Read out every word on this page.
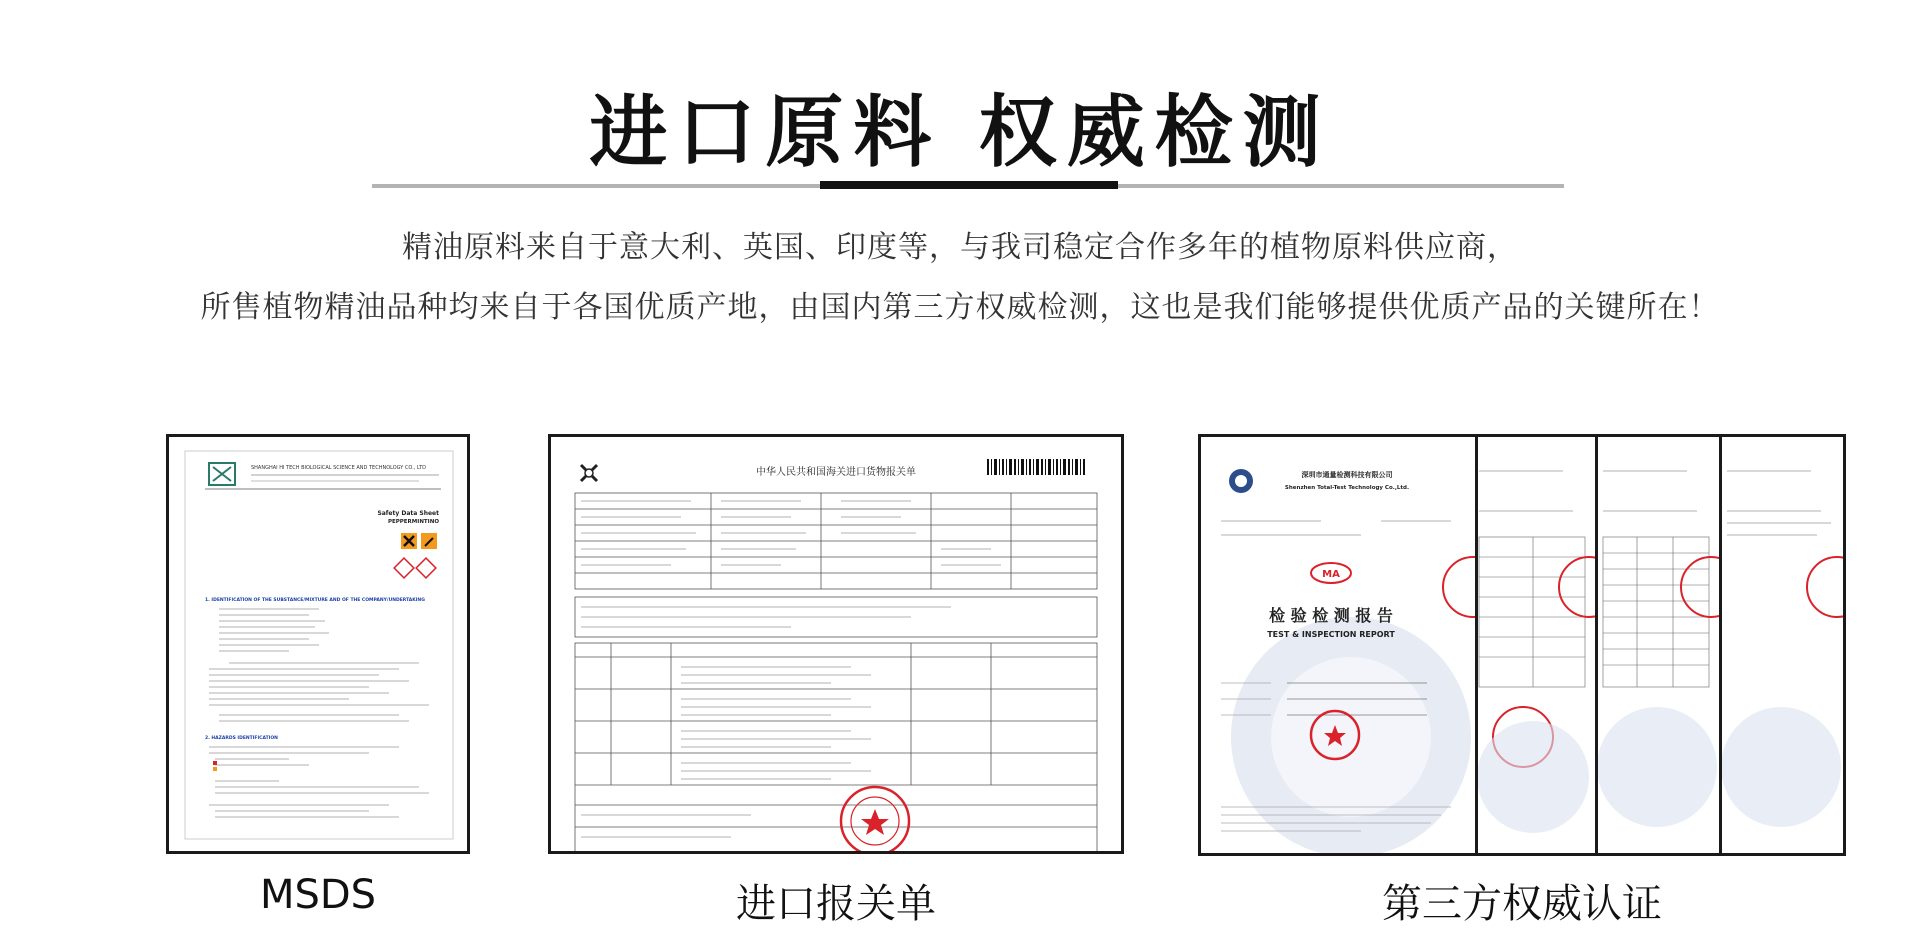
进口原料 权威检测
精油原料来自于意大利、英国、印度等，与我司稳定合作多年的植物原料供应商，
所售植物精油品种均来自于各国优质产地，由国内第三方权威检测，这也是我们能够提供优质产品的关键所在！
SHANGHAI HI TECH BIOLOGICAL SCIENCE AND TECHNOLOGY CO., LTD
Safety Data Sheet
PEPPERMINTINO
1. IDENTIFICATION OF THE SUBSTANCE/MIXTURE AND OF THE COMPANY/UNDERTAKING
2. HAZARDS IDENTIFICATION
MSDS
中华人民共和国海关进口货物报关单
进口报关单
深圳市通量检测科技有限公司
Shenzhen Total-Test Technology Co.,Ltd.
MA
检 验 检 测 报 告
TEST & INSPECTION REPORT
第三方权威认证
